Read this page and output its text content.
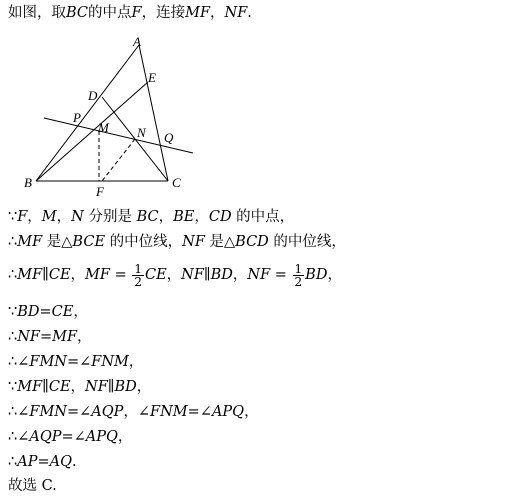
如图，取BC的中点F，连接MF，NF.
A
B	C
D
E
F
M N
P
Q
∵F，M，N 分别是 BC，BE，CD 的中点，
∴MF 是△BCE 的中位线，NF 是△BCD 的中位线，
∴MF∥CE，MF = $\frac{1}{2}$ CE，NF∥BD，NF = $\frac{1}{2}$ BD，
∵BD=CE，
∴NF=MF，
∴∠FMN=∠FNM，
∵MF∥CE，NF∥BD，
∴∠FMN=∠AQP，∠FNM=∠APQ，
∴∠AQP=∠APQ，
∴AP=AQ.
故选 C.
